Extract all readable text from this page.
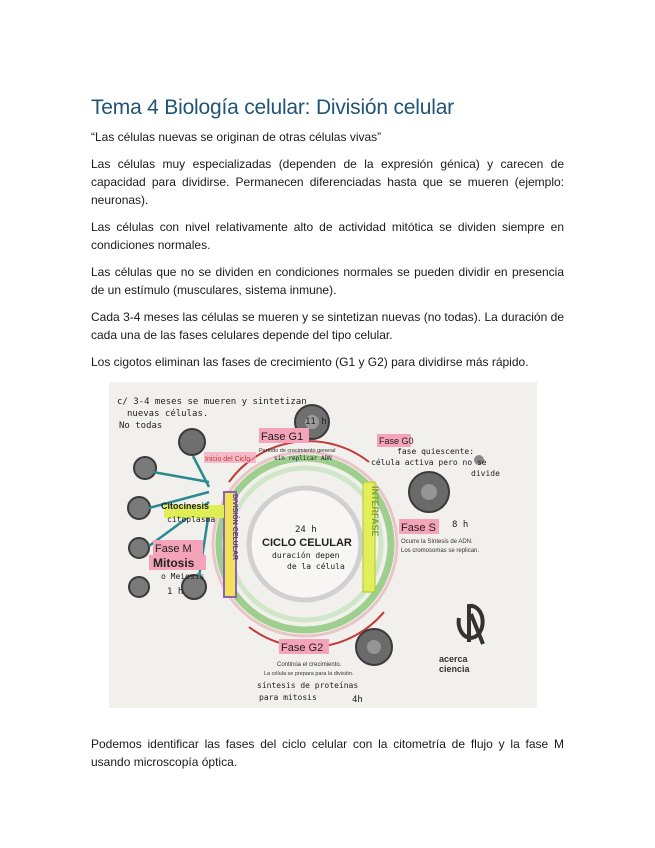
Tema 4 Biología celular: División celular

“Las células nuevas se originan de otras células vivas”

Las células muy especializadas (dependen de la expresión génica) y carecen de capacidad para dividirse. Permanecen diferenciadas hasta que se mueren (ejemplo: neuronas).

Las células con nivel relativamente alto de actividad mitótica se dividen siempre en condiciones normales.

Las células que no se dividen en condiciones normales se pueden dividir en presencia de un estímulo (musculares, sistema inmune).

Cada 3-4 meses las células se mueren y se sintetizan nuevas (no todas). La duración de cada una de las fases celulares depende del tipo celular.

Los cigotos eliminan las fases de crecimiento (G1 y G2) para dividirse más rápido.

c/ 3-4 meses se mueren y sintetizan
nuevas células.
No todas	11 h
Fase G1
Período de crecimiento general
sin replicar ADN
Inicio del Ciclo
Fase G0
fase quiescente:
célula activa pero no se
divide
Fase S 8 h
Ocurre la Síntesis de ADN.
Los cromosomas se replican.
Fase G2
Continúa el crecimiento.
La célula se prepara para la división.
síntesis de proteínas
para mitosis	4h
Citocinesis
citoplasma
Fase M
Mitosis
o Meiosis
1 h
DIVISIÓN CELULAR	INTERFASE
24 h
CICLO CELULAR
duración depen
de la célula
acerca
ciencia

Podemos identificar las fases del ciclo celular con la citometría de flujo y la fase M usando microscopía óptica.
